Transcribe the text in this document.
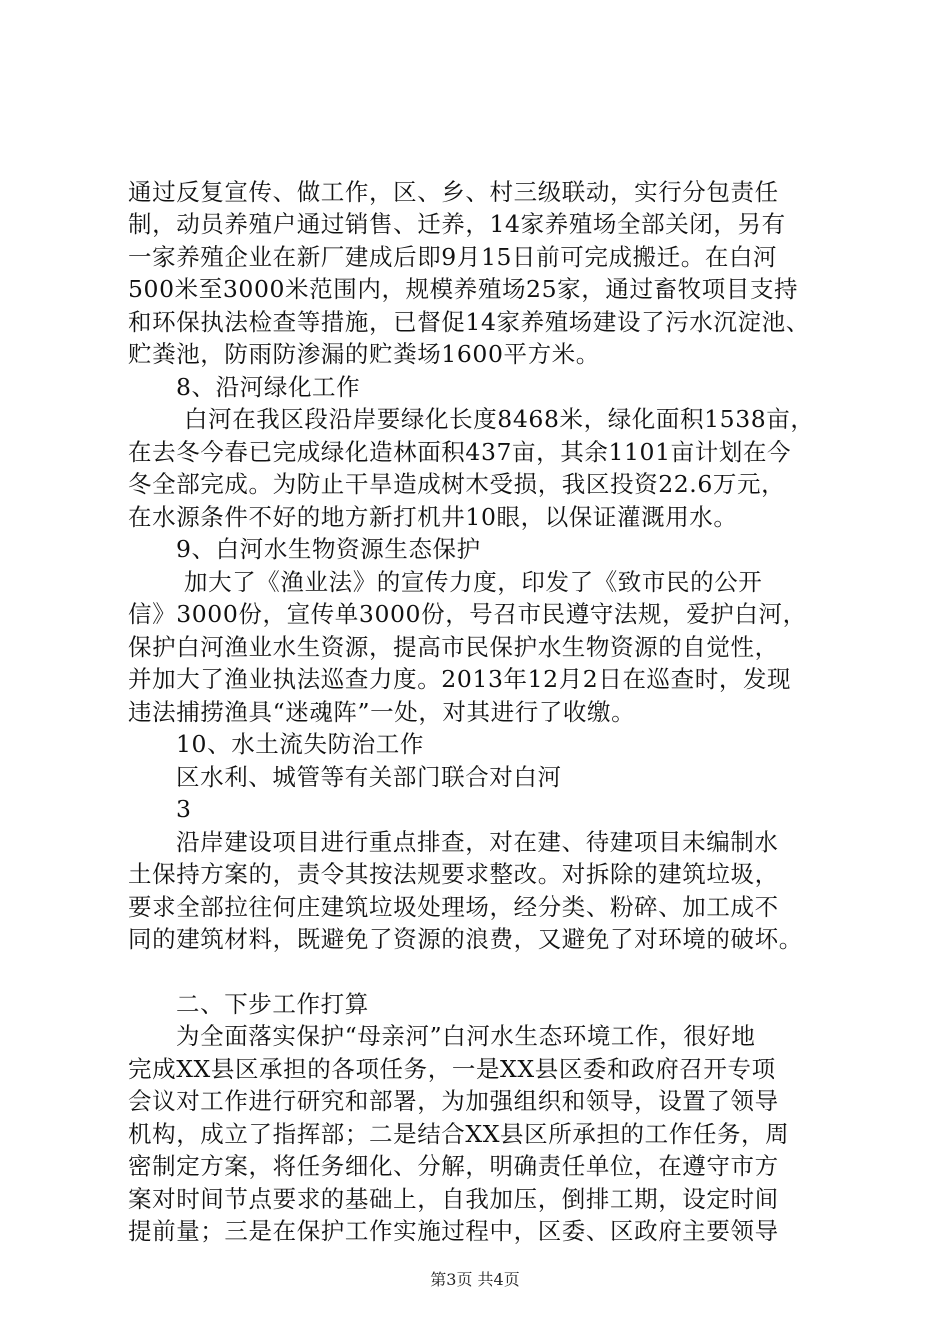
通过反复宣传、做工作，区、乡、村三级联动，实行分包责任
制，动员养殖户通过销售、迁养，14家养殖场全部关闭，另有
一家养殖企业在新厂建成后即9月15日前可完成搬迁。在白河
500米至3000米范围内，规模养殖场25家，通过畜牧项目支持
和环保执法检查等措施，已督促14家养殖场建设了污水沉淀池、
贮粪池，防雨防渗漏的贮粪场1600平方米。
8、沿河绿化工作
白河在我区段沿岸要绿化长度8468米，绿化面积1538亩，
在去冬今春已完成绿化造林面积437亩，其余1101亩计划在今
冬全部完成。为防止干旱造成树木受损，我区投资22.6万元，
在水源条件不好的地方新打机井10眼，以保证灌溉用水。
9、白河水生物资源生态保护
加大了《渔业法》的宣传力度，印发了《致市民的公开
信》3000份，宣传单3000份，号召市民遵守法规，爱护白河，
保护白河渔业水生资源，提高市民保护水生物资源的自觉性，
并加大了渔业执法巡查力度。2013年12月2日在巡查时，发现
违法捕捞渔具“迷魂阵”一处，对其进行了收缴。
10、水土流失防治工作
区水利、城管等有关部门联合对白河
3
沿岸建设项目进行重点排查，对在建、待建项目未编制水
土保持方案的，责令其按法规要求整改。对拆除的建筑垃圾，
要求全部拉往何庄建筑垃圾处理场，经分类、粉碎、加工成不
同的建筑材料，既避免了资源的浪费，又避免了对环境的破坏。
二、下步工作打算
为全面落实保护“母亲河”白河水生态环境工作，很好地
完成XX县区承担的各项任务，一是XX县区委和政府召开专项
会议对工作进行研究和部署，为加强组织和领导，设置了领导
机构，成立了指挥部；二是结合XX县区所承担的工作任务，周
密制定方案，将任务细化、分解，明确责任单位，在遵守市方
案对时间节点要求的基础上，自我加压，倒排工期，设定时间
提前量；三是在保护工作实施过程中，区委、区政府主要领导
第3页 共4页
